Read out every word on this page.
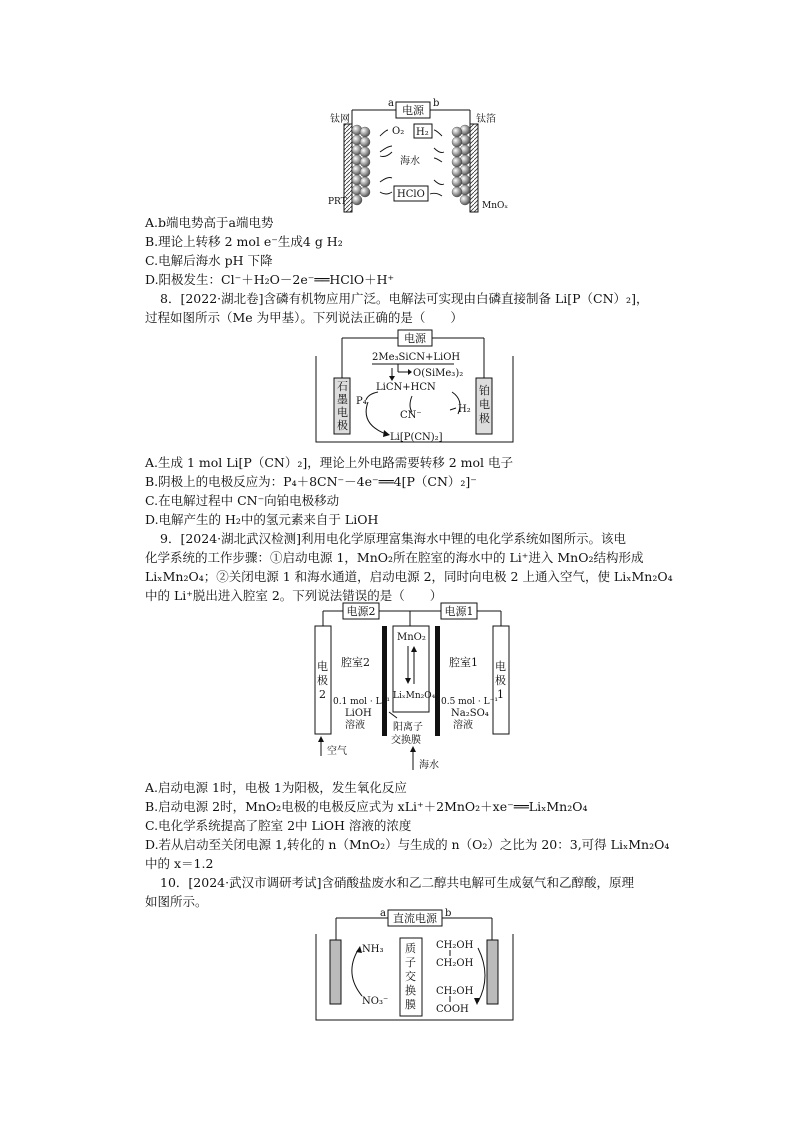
电源
a	b
钛网	钛箔
O₂ H₂
海水
HClO
PRT	MnOₓ
A.b端电势高于a端电势
B.理论上转移 2 mol e⁻生成4 g H₂
C.电解后海水 pH 下降
D.阳极发生：Cl⁻＋H₂O－2e⁻══HClO＋H⁺
8．[2022·湖北卷]含磷有机物应用广泛。电解法可实现由白磷直接制备 Li[P（CN）₂]，
过程如图所示（Me 为甲基）。下列说法正确的是（　　）
电源
石
墨
电
极
铂
电
极
2Me₃SiCN+LiOH
O(SiMe₃)₂
LiCN+HCN
P₄
CN⁻
H₂
Li[P(CN)₂]
A.生成 1 mol Li[P（CN）₂]，理论上外电路需要转移 2 mol 电子
B.阴极上的电极反应为：P₄＋8CN⁻－4e⁻══4[P（CN）₂]⁻
C.在电解过程中 CN⁻向铂电极移动
D.电解产生的 H₂中的氢元素来自于 LiOH
9．[2024·湖北武汉检测]利用电化学原理富集海水中锂的电化学系统如图所示。该电
化学系统的工作步骤：①启动电源 1，MnO₂所在腔室的海水中的 Li⁺进入 MnO₂结构形成
LiₓMn₂O₄；②关闭电源 1 和海水通道，启动电源 2，同时向电极 2 上通入空气，使 LiₓMn₂O₄
中的 Li⁺脱出进入腔室 2。下列说法错误的是（　　）
电源2	电源1
电
极
2
电
极
1
MnO₂
LiₓMn₂O₄
腔室2	腔室1
0.1 mol · L⁻¹
LiOH
溶液
0.5 mol · L⁻¹
Na₂SO₄
溶液
阳离子
交换膜
空气
海水
A.启动电源 1时，电极 1为阳极，发生氧化反应
B.启动电源 2时，MnO₂电极的电极反应式为 xLi⁺＋2MnO₂＋xe⁻══LiₓMn₂O₄
C.电化学系统提高了腔室 2中 LiOH 溶液的浓度
D.若从启动至关闭电源 1,转化的 n（MnO₂）与生成的 n（O₂）之比为 20：3,可得 LiₓMn₂O₄
中的 x＝1.2
10．[2024·武汉市调研考试]含硝酸盐废水和乙二醇共电解可生成氨气和乙醇酸，原理
如图所示。
直流电源
a	b
质
子
交
换
膜
NH₃
NO₃⁻
CH₂OH
CH₂OH
CH₂OH
COOH
